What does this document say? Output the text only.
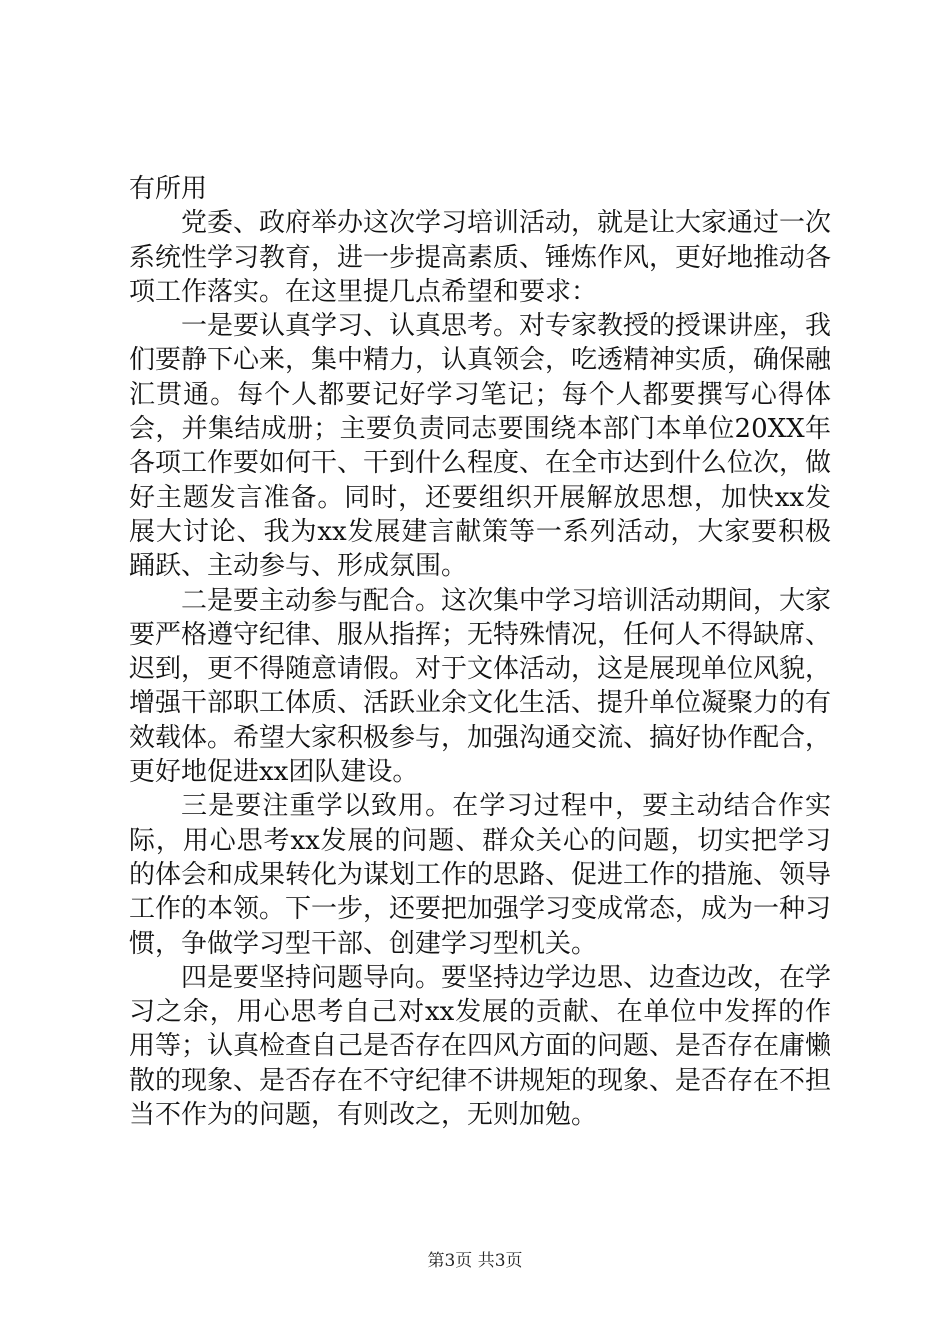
有所用

党委、政府举办这次学习培训活动，就是让大家通过一次系统性学习教育，进一步提高素质、锤炼作风，更好地推动各项工作落实。在这里提几点希望和要求：

一是要认真学习、认真思考。对专家教授的授课讲座，我们要静下心来，集中精力，认真领会，吃透精神实质，确保融汇贯通。每个人都要记好学习笔记；每个人都要撰写心得体会，并集结成册；主要负责同志要围绕本部门本单位20XX年各项工作要如何干、干到什么程度、在全市达到什么位次，做好主题发言准备。同时，还要组织开展解放思想，加快xx发展大讨论、我为xx发展建言献策等一系列活动，大家要积极踊跃、主动参与、形成氛围。

二是要主动参与配合。这次集中学习培训活动期间，大家要严格遵守纪律、服从指挥；无特殊情况，任何人不得缺席、迟到，更不得随意请假。对于文体活动，这是展现单位风貌，增强干部职工体质、活跃业余文化生活、提升单位凝聚力的有效载体。希望大家积极参与，加强沟通交流、搞好协作配合，更好地促进xx团队建设。

三是要注重学以致用。在学习过程中，要主动结合作实际，用心思考xx发展的问题、群众关心的问题，切实把学习的体会和成果转化为谋划工作的思路、促进工作的措施、领导工作的本领。下一步，还要把加强学习变成常态，成为一种习惯，争做学习型干部、创建学习型机关。

四是要坚持问题导向。要坚持边学边思、边查边改，在学习之余，用心思考自己对xx发展的贡献、在单位中发挥的作用等；认真检查自己是否存在四风方面的问题、是否存在庸懒散的现象、是否存在不守纪律不讲规矩的现象、是否存在不担当不作为的问题，有则改之，无则加勉。

第3页 共3页
